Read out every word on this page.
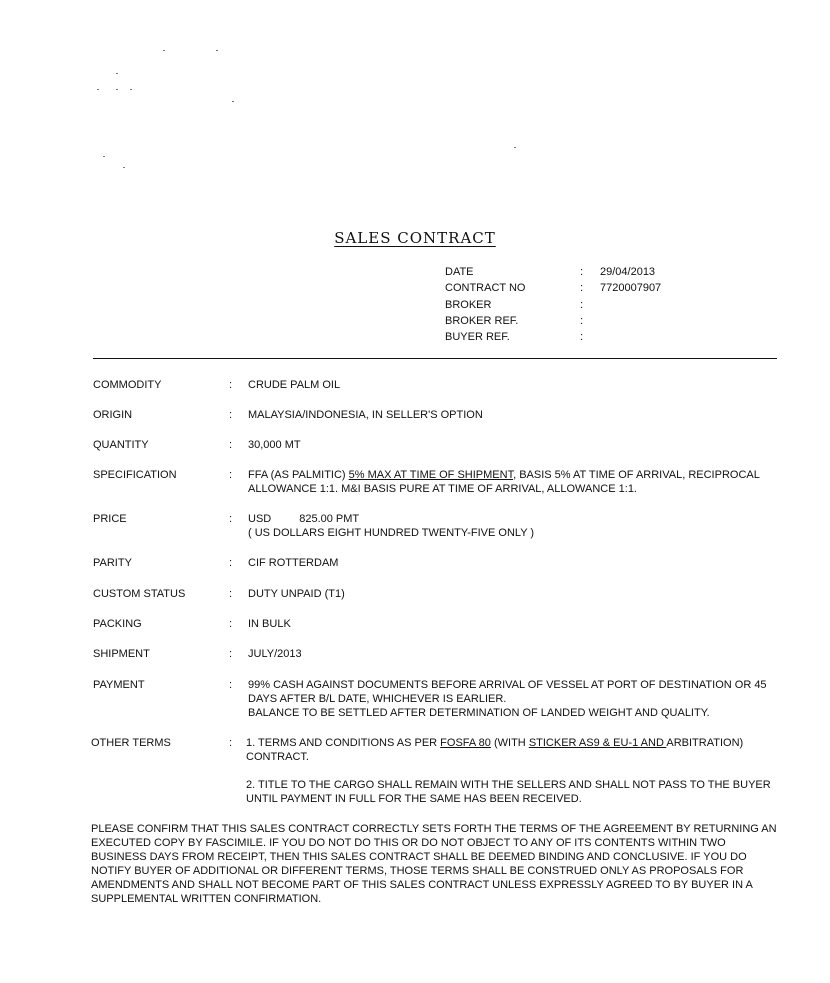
SALES CONTRACT
DATE	: 29/04/2013
CONTRACT NO	: 7720007907
BROKER	:
BROKER REF.	:
BUYER REF.	:
COMMODITY	: CRUDE PALM OIL
ORIGIN	: MALAYSIA/INDONESIA, IN SELLER'S OPTION
QUANTITY	: 30,000 MT
SPECIFICATION	: FFA (AS PALMITIC) 5% MAX AT TIME OF SHIPMENT, BASIS 5% AT TIME OF ARRIVAL, RECIPROCAL ALLOWANCE 1:1. M&I BASIS PURE AT TIME OF ARRIVAL, ALLOWANCE 1:1.
PRICE	: USD	825.00 PMT
( US DOLLARS EIGHT HUNDRED TWENTY-FIVE ONLY )
PARITY	: CIF ROTTERDAM
CUSTOM STATUS	: DUTY UNPAID (T1)
PACKING	: IN BULK
SHIPMENT	: JULY/2013
PAYMENT	: 99% CASH AGAINST DOCUMENTS BEFORE ARRIVAL OF VESSEL AT PORT OF DESTINATION OR 45 DAYS AFTER B/L DATE, WHICHEVER IS EARLIER.
BALANCE TO BE SETTLED AFTER DETERMINATION OF LANDED WEIGHT AND QUALITY.
OTHER TERMS	: 1. TERMS AND CONDITIONS AS PER FOSFA 80 (WITH STICKER AS9 & EU-1 AND ARBITRATION) CONTRACT.
2. TITLE TO THE CARGO SHALL REMAIN WITH THE SELLERS AND SHALL NOT PASS TO THE BUYER UNTIL PAYMENT IN FULL FOR THE SAME HAS BEEN RECEIVED.
PLEASE CONFIRM THAT THIS SALES CONTRACT CORRECTLY SETS FORTH THE TERMS OF THE AGREEMENT BY RETURNING AN EXECUTED COPY BY FASCIMILE. IF YOU DO NOT DO THIS OR DO NOT OBJECT TO ANY OF ITS CONTENTS WITHIN TWO BUSINESS DAYS FROM RECEIPT, THEN THIS SALES CONTRACT SHALL BE DEEMED BINDING AND CONCLUSIVE. IF YOU DO NOTIFY BUYER OF ADDITIONAL OR DIFFERENT TERMS, THOSE TERMS SHALL BE CONSTRUED ONLY AS PROPOSALS FOR AMENDMENTS AND SHALL NOT BECOME PART OF THIS SALES CONTRACT UNLESS EXPRESSLY AGREED TO BY BUYER IN A SUPPLEMENTAL WRITTEN CONFIRMATION.
